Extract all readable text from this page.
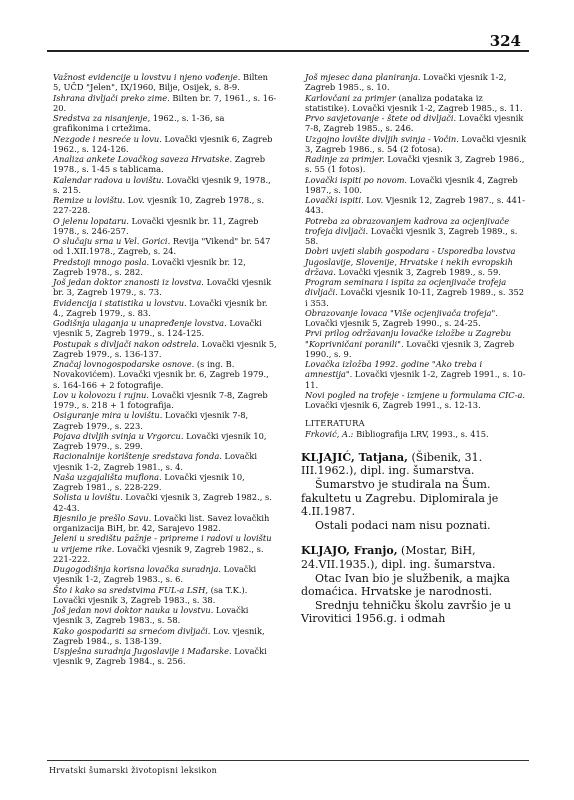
324
Važnost evidencije u lovstvu i njeno vođenje. Bilten 5, UČD "Jelen", IX/1960, Bilje, Osijek, s. 8-9.
Ishrana divljači preko zime. Bilten br. 7, 1961., s. 16-20.
Sredstva za nisanjenje, 1962., s. 1-36, sa grafikonima i crtežima.
Nezgode i nesreće u lovu. Lovački vjesnik 6, Zagreb 1962., s. 124-126.
Analiza ankete Lovačkog saveza Hrvatske. Zagreb 1978., s. 1-45 s tablicama.
Kalendar radova u lovištu. Lovački vjesnik 9, 1978., s. 215.
Remize u lovištu. Lov. vjesnik 10, Zagreb 1978., s. 227-228.
O jelenu lopataru. Lovački vjesnik br. 11, Zagreb 1978., s. 246-257.
O slučaju srna u Vel. Gorici. Revija "Vikend" br. 547 od 1.XII.1978., Zagreb, s. 24.
Predstoji mnogo posla. Lovački vjesnik br. 12, Zagreb 1978., s. 282.
Još jedan doktor znanosti iz lovstva. Lovački vjesnik br. 3, Zagreb 1979., s. 73.
Evidencija i statistika u lovstvu. Lovački vjesnik br. 4., Zagreb 1979., s. 83.
Godišnja ulaganja u unapređenje lovstva. Lovački vjesnik 5, Zagreb 1979., s. 124-125.
Postupak s divljači nakon odstrela. Lovački vjesnik 5, Zagreb 1979., s. 136-137.
Značaj lovnogospodarske osnove. (s ing. B. Novakovićem). Lovački vjesnik br. 6, Zagreb 1979., s. 164-166 + 2 fotografije.
Lov u kolovozu i rujnu. Lovački vjesnik 7-8, Zagreb 1979., s. 218 + 1 fotografija.
Osiguranje mira u lovištu. Lovački vjesnik 7-8, Zagreb 1979., s. 223.
Pojava divljih svinja u Vrgorcu. Lovački vjesnik 10, Zagreb 1979., s. 299.
Racionalnije korištenje sredstava fonda. Lovački vjesnik 1-2, Zagreb 1981., s. 4.
Naša uzgajališta muflona. Lovački vjesnik 10, Zagreb 1981., s. 228-229.
Solista u lovištu. Lovački vjesnik 3, Zagreb 1982., s. 42-43.
Bjesnilo je prešlo Savu. Lovački list. Savez lovačkih organizacija BiH, br. 42, Sarajevo 1982.
Jeleni u središtu pažnje - pripreme i radovi u lovištu u vrijeme rike. Lovački vjesnik 9, Zagreb 1982., s. 221-222.
Dugogodišnja korisna lovačka suradnja. Lovački vjesnik 1-2, Zagreb 1983., s. 6.
Što i kako sa sredstvima FUL-a LSH, (sa T.K.). Lovački vjesnik 3, Zagreb 1983., s. 38.
Još jedan novi doktor nauka u lovstvu. Lovački vjesnik 3, Zagreb 1983., s. 58.
Kako gospodariti sa srnećom divljači. Lov. vjesnik, Zagreb 1984., s. 138-139.
Uspješna suradnja Jugoslavije i Mađarske. Lovački vjesnik 9, Zagreb 1984., s. 256.
Još mjesec dana planiranja. Lovački vjesnik 1-2, Zagreb 1985., s. 10.
Karlovčani za primjer (analiza podataka iz statistike). Lovački vjesnik 1-2, Zagreb 1985., s. 11.
Prvo savjetovanje - štete od divljači. Lovački vjesnik 7-8, Zagreb 1985., s. 246.
Uzgojno lovište divljih svinja - Vočin. Lovački vjesnik 3, Zagreb 1986., s. 54 (2 fotosa).
Radinje za primjer. Lovački vjesnik 3, Zagreb 1986., s. 55 (1 fotos).
Lovački ispiti po novom. Lovački vjesnik 4, Zagreb 1987., s. 100.
Lovački ispiti. Lov. Vjesnik 12, Zagreb 1987., s. 441-443.
Potreba za obrazovanjem kadrova za ocjenjivače trofeja divljači. Lovački vjesnik 3, Zagreb 1989., s. 58.
Dobri uvjeti slabih gospodara - Usporedba lovstva Jugoslavije, Slovenije, Hrvatske i nekih evropskih država. Lovački vjesnik 3, Zagreb 1989., s. 59.
Program seminara i ispita za ocjenjivače trofeja divljači. Lovački vjesnik 10-11, Zagreb 1989., s. 352 i 353.
Obrazovanje lovaca "Više ocjenjivača trofeja". Lovački vjesnik 5, Zagreb 1990., s. 24-25.
Prvi prilog održavanju lovačke izložbe u Zagrebu "Koprivničani poranili". Lovački vjesnik 3, Zagreb 1990., s. 9.
Lovačka izložba 1992. godine "Ako treba i amnestija". Lovački vjesnik 1-2, Zagreb 1991., s. 10-11.
Novi pogled na trofeje - izmjene u formulama CIC-a. Lovački vjesnik 6, Zagreb 1991., s. 12-13.
LITERATURA
Frković, A.: Bibliografija LRV, 1993., s. 415.

KLJAJIĆ, Tatjana, (Šibenik, 31. III.1962.), dipl. ing. šumarstva.

Šumarstvo je studirala na Šum. fakultetu u Zagrebu. Diplomirala je 4.II.1987.

Ostali podaci nam nisu poznati.

KLJAJO, Franjo, (Mostar, BiH, 24.VII.1935.), dipl. ing. šumarstva.

Otac Ivan bio je službenik, a majka domaćica. Hrvatske je narodnosti.

Srednju tehničku školu završio je u Virovitici 1956.g. i odmah

Hrvatski šumarski životopisni leksikon
